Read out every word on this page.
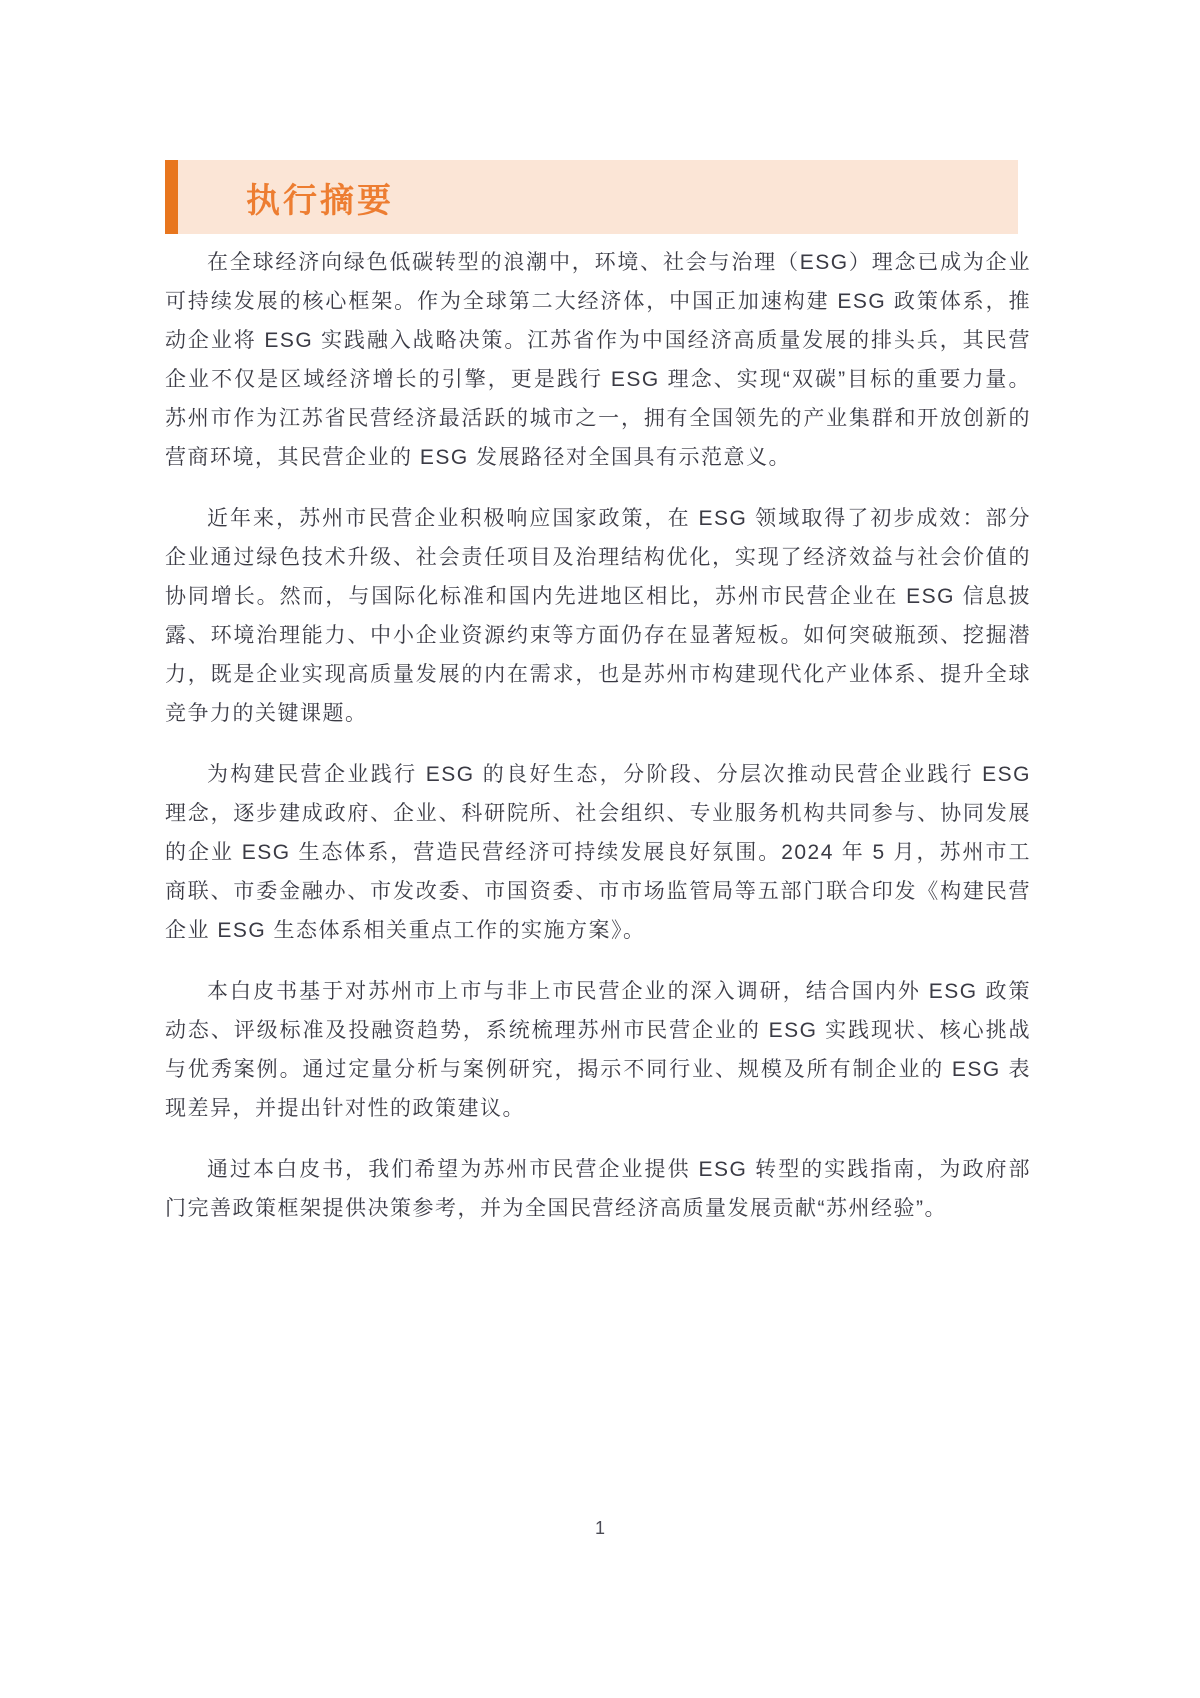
执行摘要

在全球经济向绿色低碳转型的浪潮中，环境、社会与治理（ESG）理念已成为企业可持续发展的核心框架。作为全球第二大经济体，中国正加速构建 ESG 政策体系，推动企业将 ESG 实践融入战略决策。江苏省作为中国经济高质量发展的排头兵，其民营企业不仅是区域经济增长的引擎，更是践行 ESG 理念、实现“双碳”目标的重要力量。苏州市作为江苏省民营经济最活跃的城市之一，拥有全国领先的产业集群和开放创新的营商环境，其民营企业的 ESG 发展路径对全国具有示范意义。

近年来，苏州市民营企业积极响应国家政策，在 ESG 领域取得了初步成效：部分企业通过绿色技术升级、社会责任项目及治理结构优化，实现了经济效益与社会价值的协同增长。然而，与国际化标准和国内先进地区相比，苏州市民营企业在 ESG 信息披露、环境治理能力、中小企业资源约束等方面仍存在显著短板。如何突破瓶颈、挖掘潜力，既是企业实现高质量发展的内在需求，也是苏州市构建现代化产业体系、提升全球竞争力的关键课题。

为构建民营企业践行 ESG 的良好生态，分阶段、分层次推动民营企业践行 ESG 理念，逐步建成政府、企业、科研院所、社会组织、专业服务机构共同参与、协同发展的企业 ESG 生态体系，营造民营经济可持续发展良好氛围。2024 年 5 月，苏州市工商联、市委金融办、市发改委、市国资委、市市场监管局等五部门联合印发《构建民营企业 ESG 生态体系相关重点工作的实施方案》。

本白皮书基于对苏州市上市与非上市民营企业的深入调研，结合国内外 ESG 政策动态、评级标准及投融资趋势，系统梳理苏州市民营企业的 ESG 实践现状、核心挑战与优秀案例。通过定量分析与案例研究，揭示不同行业、规模及所有制企业的 ESG 表现差异，并提出针对性的政策建议。

通过本白皮书，我们希望为苏州市民营企业提供 ESG 转型的实践指南，为政府部门完善政策框架提供决策参考，并为全国民营经济高质量发展贡献“苏州经验”。

1
